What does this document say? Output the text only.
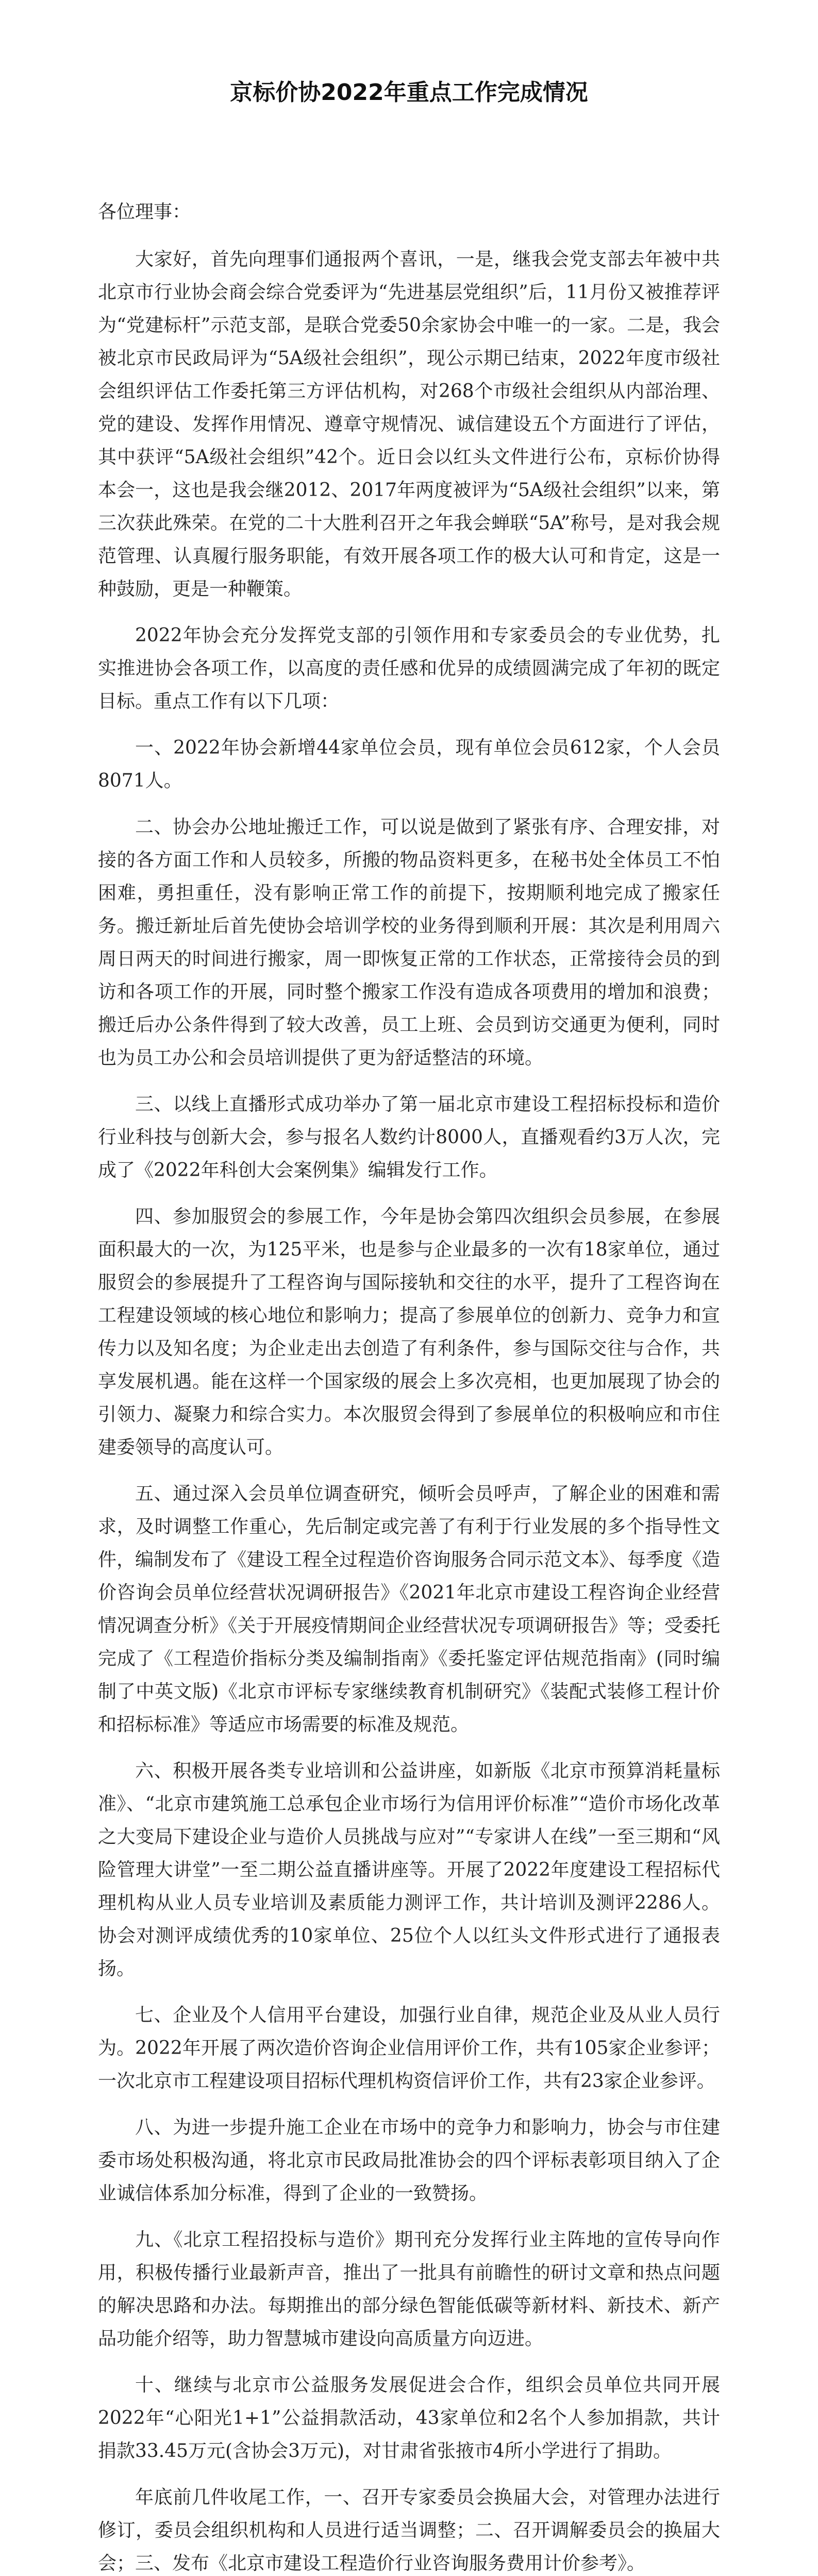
京标价协2022年重点工作完成情况

各位理事：

大家好，首先向理事们通报两个喜讯，一是，继我会党支部去年被中共北京市行业协会商会综合党委评为“先进基层党组织”后，11月份又被推荐评为“党建标杆”示范支部，是联合党委50余家协会中唯一的一家。二是，我会被北京市民政局评为“5A级社会组织”，现公示期已结束，2022年度市级社会组织评估工作委托第三方评估机构，对268个市级社会组织从内部治理、党的建设、发挥作用情况、遵章守规情况、诚信建设五个方面进行了评估，其中获评“5A级社会组织”42个。近日会以红头文件进行公布，京标价协得本会一，这也是我会继2012、2017年两度被评为“5A级社会组织”以来，第三次获此殊荣。在党的二十大胜利召开之年我会蝉联“5A”称号，是对我会规范管理、认真履行服务职能，有效开展各项工作的极大认可和肯定，这是一种鼓励，更是一种鞭策。

2022年协会充分发挥党支部的引领作用和专家委员会的专业优势，扎实推进协会各项工作，以高度的责任感和优异的成绩圆满完成了年初的既定目标。重点工作有以下几项：

一、2022年协会新增44家单位会员，现有单位会员612家，个人会员8071人。

二、协会办公地址搬迁工作，可以说是做到了紧张有序、合理安排，对接的各方面工作和人员较多，所搬的物品资料更多，在秘书处全体员工不怕困难，勇担重任，没有影响正常工作的前提下，按期顺利地完成了搬家任务。搬迁新址后首先使协会培训学校的业务得到顺利开展：其次是利用周六周日两天的时间进行搬家，周一即恢复正常的工作状态，正常接待会员的到访和各项工作的开展，同时整个搬家工作没有造成各项费用的增加和浪费；搬迁后办公条件得到了较大改善，员工上班、会员到访交通更为便利，同时也为员工办公和会员培训提供了更为舒适整洁的环境。

三、以线上直播形式成功举办了第一届北京市建设工程招标投标和造价行业科技与创新大会，参与报名人数约计8000人，直播观看约3万人次，完成了《2022年科创大会案例集》编辑发行工作。

四、参加服贸会的参展工作，今年是协会第四次组织会员参展，在参展面积最大的一次，为125平米，也是参与企业最多的一次有18家单位，通过服贸会的参展提升了工程咨询与国际接轨和交往的水平，提升了工程咨询在工程建设领域的核心地位和影响力；提高了参展单位的创新力、竞争力和宣传力以及知名度；为企业走出去创造了有利条件，参与国际交往与合作，共享发展机遇。能在这样一个国家级的展会上多次亮相，也更加展现了协会的引领力、凝聚力和综合实力。本次服贸会得到了参展单位的积极响应和市住建委领导的高度认可。

五、通过深入会员单位调查研究，倾听会员呼声，了解企业的困难和需求，及时调整工作重心，先后制定或完善了有利于行业发展的多个指导性文件，编制发布了《建设工程全过程造价咨询服务合同示范文本》、每季度《造价咨询会员单位经营状况调研报告》《2021年北京市建设工程咨询企业经营情况调查分析》《关于开展疫情期间企业经营状况专项调研报告》等；受委托完成了《工程造价指标分类及编制指南》《委托鉴定评估规范指南》(同时编制了中英文版)《北京市评标专家继续教育机制研究》《装配式装修工程计价和招标标准》等适应市场需要的标准及规范。

六、积极开展各类专业培训和公益讲座，如新版《北京市预算消耗量标准》、“北京市建筑施工总承包企业市场行为信用评价标准”“造价市场化改革之大变局下建设企业与造价人员挑战与应对”“专家讲人在线”一至三期和“风险管理大讲堂”一至二期公益直播讲座等。开展了2022年度建设工程招标代理机构从业人员专业培训及素质能力测评工作，共计培训及测评2286人。协会对测评成绩优秀的10家单位、25位个人以红头文件形式进行了通报表扬。

七、企业及个人信用平台建设，加强行业自律，规范企业及从业人员行为。2022年开展了两次造价咨询企业信用评价工作，共有105家企业参评；一次北京市工程建设项目招标代理机构资信评价工作，共有23家企业参评。

八、为进一步提升施工企业在市场中的竞争力和影响力，协会与市住建委市场处积极沟通，将北京市民政局批准协会的四个评标表彰项目纳入了企业诚信体系加分标准，得到了企业的一致赞扬。

九、《北京工程招投标与造价》期刊充分发挥行业主阵地的宣传导向作用，积极传播行业最新声音，推出了一批具有前瞻性的研讨文章和热点问题的解决思路和办法。每期推出的部分绿色智能低碳等新材料、新技术、新产品功能介绍等，助力智慧城市建设向高质量方向迈进。

十、继续与北京市公益服务发展促进会合作，组织会员单位共同开展2022年“心阳光1+1”公益捐款活动，43家单位和2名个人参加捐款，共计捐款33.45万元(含协会3万元)，对甘肃省张掖市4所小学进行了捐助。

年底前几件收尾工作，一、召开专家委员会换届大会，对管理办法进行修订，委员会组织机构和人员进行适当调整；二、召开调解委员会的换届大会；三、发布《北京市建设工程造价行业咨询服务费用计价参考》。
